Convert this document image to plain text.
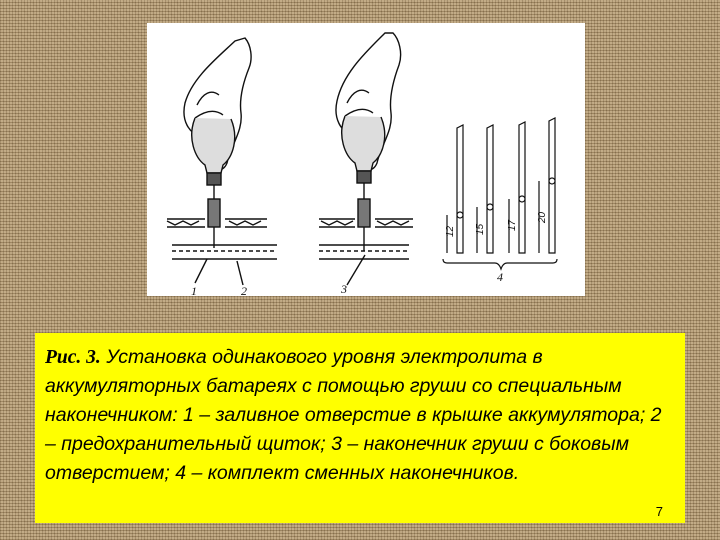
1	2	3
4
12 15 17
20

Рис. 3. Установка одинакового уровня электролита в аккумуляторных батареях с помощью груши со специальным наконечником: 1 – заливное отверстие в крышке аккумулятора; 2 – предохранительный щиток; 3 – наконечник груши с боковым отверстием; 4 – комплект сменных наконечников.

7
